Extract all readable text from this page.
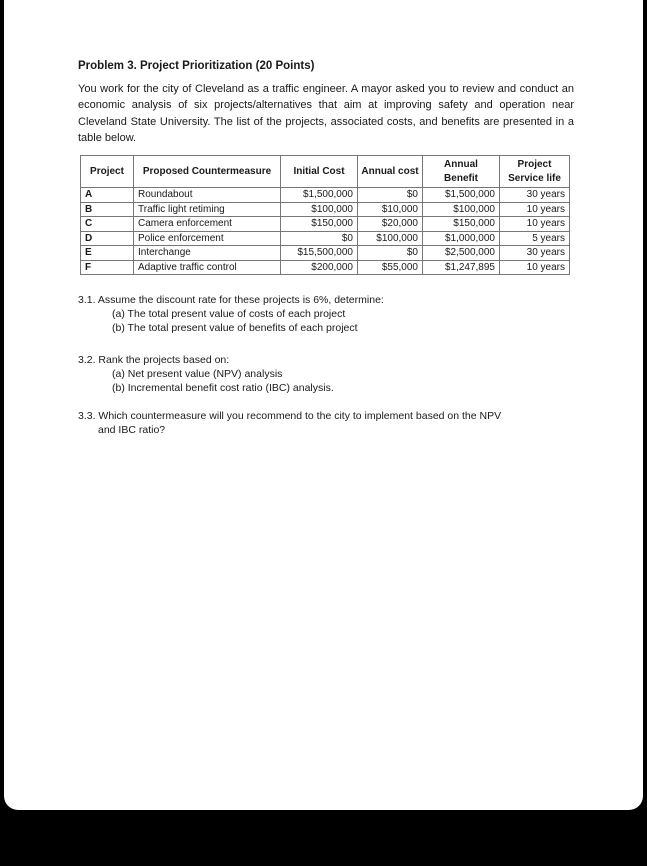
Problem 3. Project Prioritization (20 Points)

You work for the city of Cleveland as a traffic engineer. A mayor asked you to review and conduct an economic analysis of six projects/alternatives that aim at improving safety and operation near Cleveland State University. The list of the projects, associated costs, and benefits are presented in a table below.

Project	Proposed Countermeasure	Initial Cost	Annual cost	Annual Benefit	Project Service life
A	Roundabout	$1,500,000	$0	$1,500,000	30 years
B	Traffic light retiming	$100,000	$10,000	$100,000	10 years
C	Camera enforcement	$150,000	$20,000	$150,000	10 years
D	Police enforcement	$0	$100,000	$1,000,000	5 years
E	Interchange	$15,500,000	$0	$2,500,000	30 years
F	Adaptive traffic control	$200,000	$55,000	$1,247,895	10 years
3.1. Assume the discount rate for these projects is 6%, determine:
(a) The total present value of costs of each project
(b) The total present value of benefits of each project
3.2. Rank the projects based on:
(a) Net present value (NPV) analysis
(b) Incremental benefit cost ratio (IBC) analysis.
3.3. Which countermeasure will you recommend to the city to implement based on the NPV
and IBC ratio?
